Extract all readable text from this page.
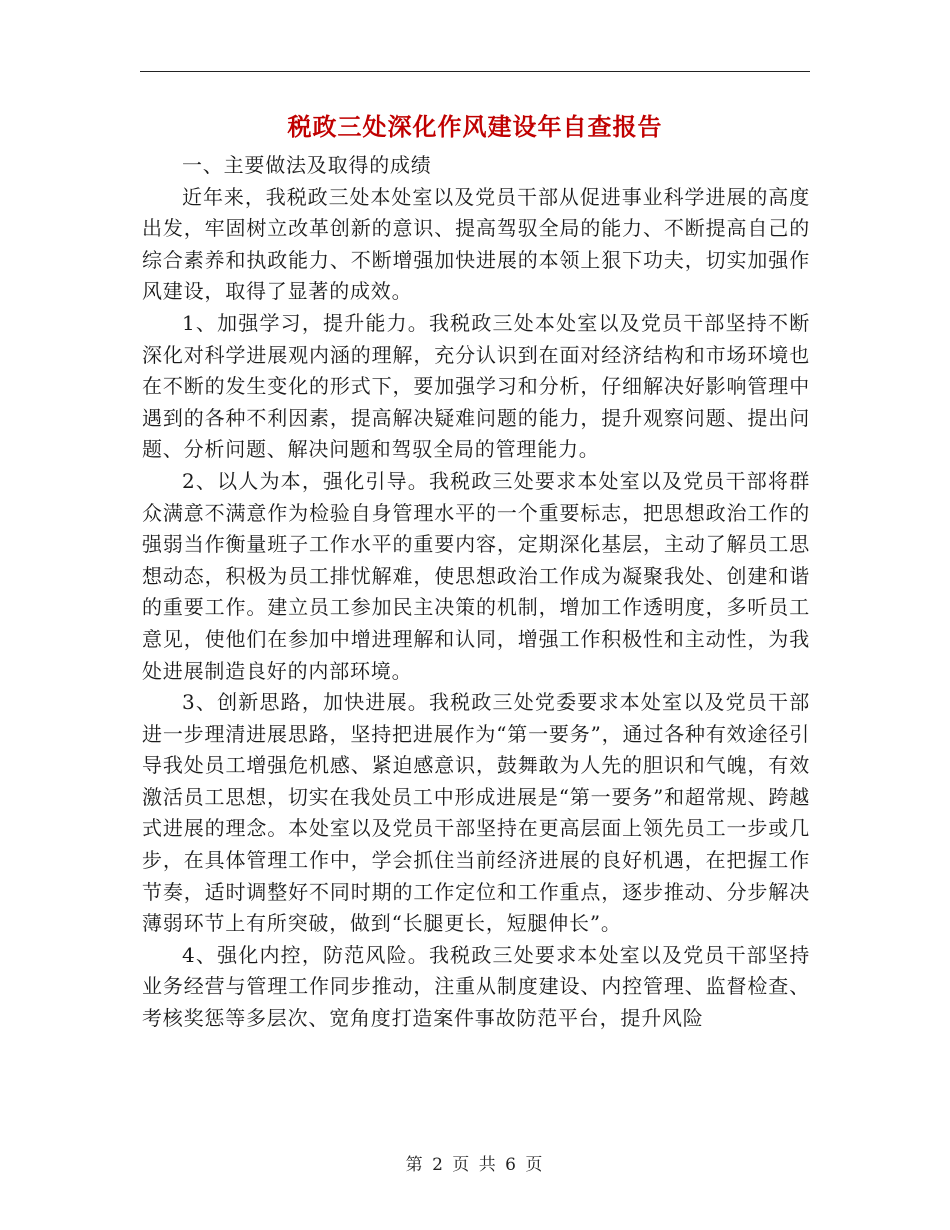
税政三处深化作风建设年自查报告

一、主要做法及取得的成绩

近年来，我税政三处本处室以及党员干部从促进事业科学进展的高度出发，牢固树立改革创新的意识、提高驾驭全局的能力、不断提高自己的综合素养和执政能力、不断增强加快进展的本领上狠下功夫，切实加强作风建设，取得了显著的成效。

1、加强学习，提升能力。我税政三处本处室以及党员干部坚持不断深化对科学进展观内涵的理解，充分认识到在面对经济结构和市场环境也在不断的发生变化的形式下，要加强学习和分析，仔细解决好影响管理中遇到的各种不利因素，提高解决疑难问题的能力，提升观察问题、提出问题、分析问题、解决问题和驾驭全局的管理能力。

2、以人为本，强化引导。我税政三处要求本处室以及党员干部将群众满意不满意作为检验自身管理水平的一个重要标志，把思想政治工作的强弱当作衡量班子工作水平的重要内容，定期深化基层，主动了解员工思想动态，积极为员工排忧解难，使思想政治工作成为凝聚我处、创建和谐的重要工作。建立员工参加民主决策的机制，增加工作透明度，多听员工意见，使他们在参加中增进理解和认同，增强工作积极性和主动性，为我处进展制造良好的内部环境。

3、创新思路，加快进展。我税政三处党委要求本处室以及党员干部进一步理清进展思路，坚持把进展作为“第一要务”，通过各种有效途径引导我处员工增强危机感、紧迫感意识，鼓舞敢为人先的胆识和气魄，有效激活员工思想，切实在我处员工中形成进展是“第一要务”和超常规、跨越式进展的理念。本处室以及党员干部坚持在更高层面上领先员工一步或几步，在具体管理工作中，学会抓住当前经济进展的良好机遇，在把握工作节奏，适时调整好不同时期的工作定位和工作重点，逐步推动、分步解决薄弱环节上有所突破，做到“长腿更长，短腿伸长”。

4、强化内控，防范风险。我税政三处要求本处室以及党员干部坚持业务经营与管理工作同步推动，注重从制度建设、内控管理、监督检查、考核奖惩等多层次、宽角度打造案件事故防范平台，提升风险

第 2 页 共 6 页
